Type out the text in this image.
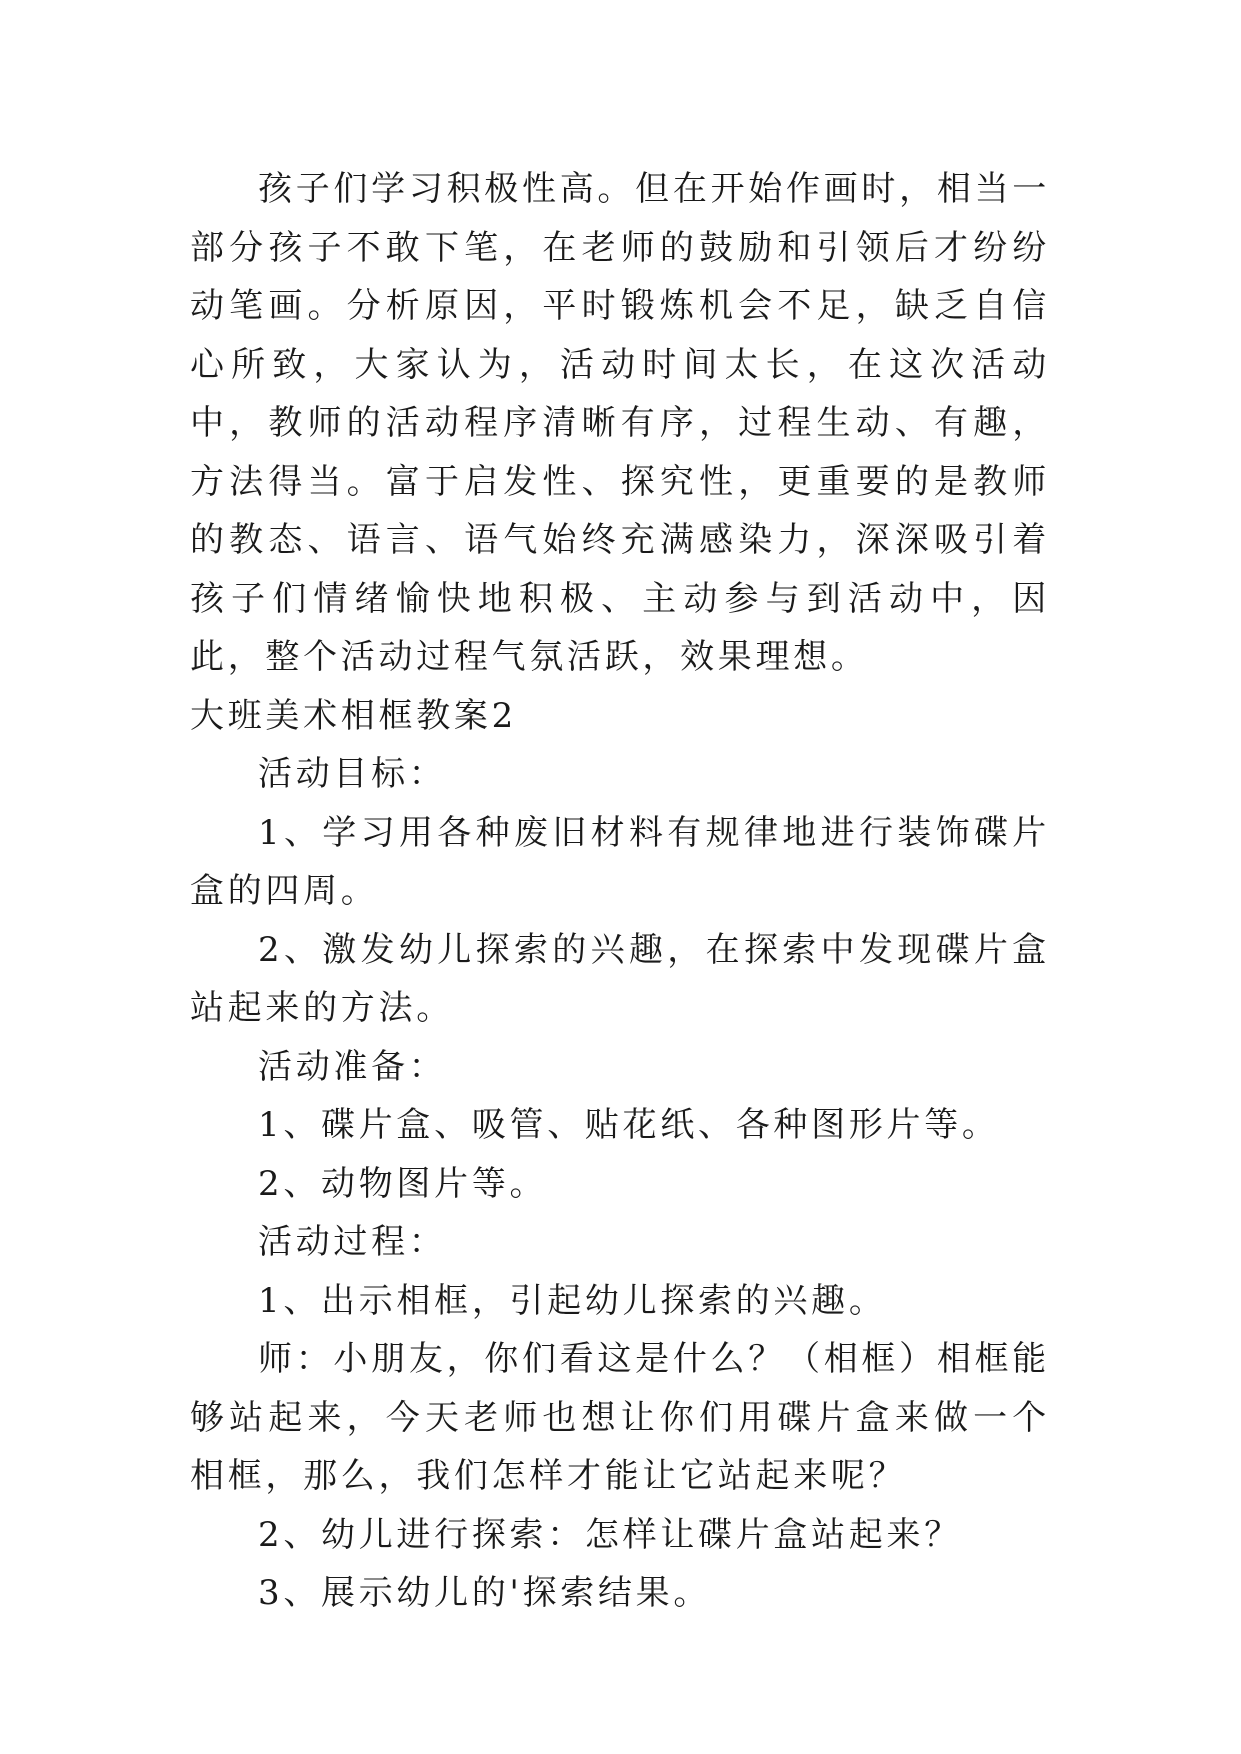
孩子们学习积极性高。但在开始作画时，相当一部分孩子不敢下笔，在老师的鼓励和引领后才纷纷动笔画。分析原因，平时锻炼机会不足，缺乏自信心所致，大家认为，活动时间太长，在这次活动中，教师的活动程序清晰有序，过程生动、有趣，方法得当。富于启发性、探究性，更重要的是教师的教态、语言、语气始终充满感染力，深深吸引着孩子们情绪愉快地积极、主动参与到活动中，因此，整个活动过程气氛活跃，效果理想。

大班美术相框教案2

活动目标：

1、学习用各种废旧材料有规律地进行装饰碟片盒的四周。

2、激发幼儿探索的兴趣，在探索中发现碟片盒站起来的方法。

活动准备：

1、碟片盒、吸管、贴花纸、各种图形片等。

2、动物图片等。

活动过程：

1、出示相框，引起幼儿探索的兴趣。

师：小朋友，你们看这是什么？（相框）相框能够站起来，今天老师也想让你们用碟片盒来做一个相框，那么，我们怎样才能让它站起来呢？

2、幼儿进行探索：怎样让碟片盒站起来？

3、展示幼儿的'探索结果。
